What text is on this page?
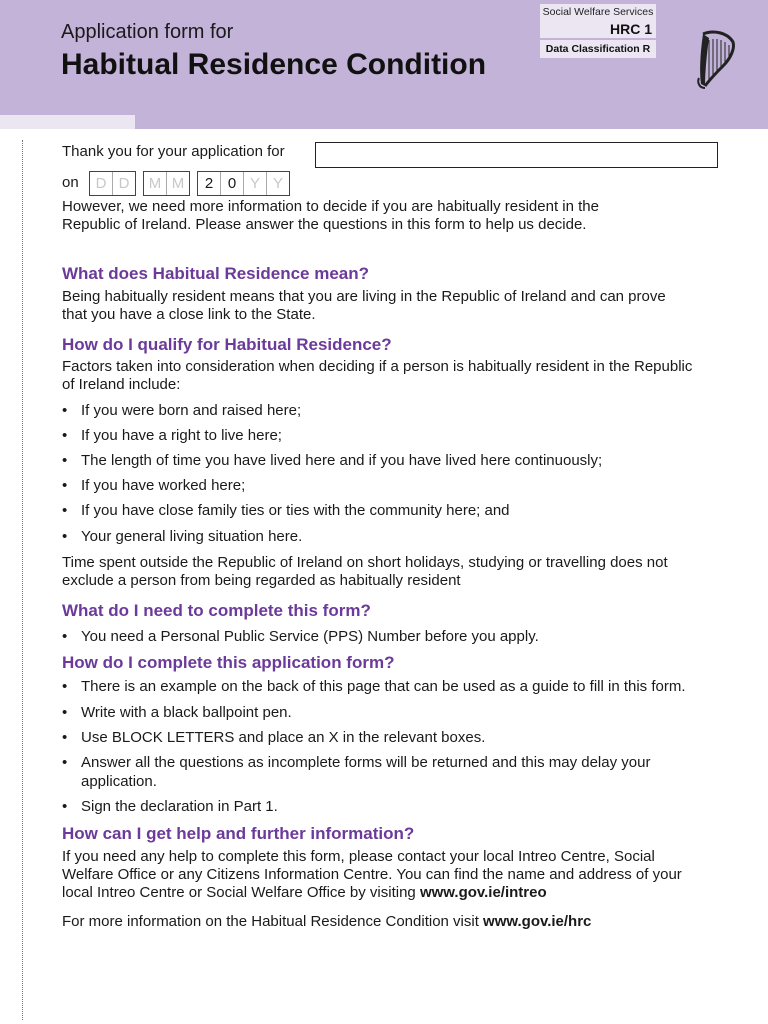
Application form for
Habitual Residence Condition
Social Welfare Services
HRC 1
Data Classification R
Thank you for your application for
on	D D	M M	2 0 Y Y
However, we need more information to decide if you are habitually resident in the
Republic of Ireland. Please answer the questions in this form to help us decide.
What does Habitual Residence mean?
Being habitually resident means that you are living in the Republic of Ireland and can prove
that you have a close link to the State.
How do I qualify for Habitual Residence?
Factors taken into consideration when deciding if a person is habitually resident in the Republic
of Ireland include:
• If you were born and raised here;
• If you have a right to live here;
• The length of time you have lived here and if you have lived here continuously;
• If you have worked here;
• If you have close family ties or ties with the community here; and
• Your general living situation here.
Time spent outside the Republic of Ireland on short holidays, studying or travelling does not
exclude a person from being regarded as habitually resident
What do I need to complete this form?
• You need a Personal Public Service (PPS) Number before you apply.
How do I complete this application form?
• There is an example on the back of this page that can be used as a guide to fill in this form.
• Write with a black ballpoint pen.
• Use BLOCK LETTERS and place an X in the relevant boxes.
• Answer all the questions as incomplete forms will be returned and this may delay your
application.
• Sign the declaration in Part 1.
How can I get help and further information?
If you need any help to complete this form, please contact your local Intreo Centre, Social
Welfare Office or any Citizens Information Centre. You can find the name and address of your
local Intreo Centre or Social Welfare Office by visiting www.gov.ie/intreo
For more information on the Habitual Residence Condition visit www.gov.ie/hrc
